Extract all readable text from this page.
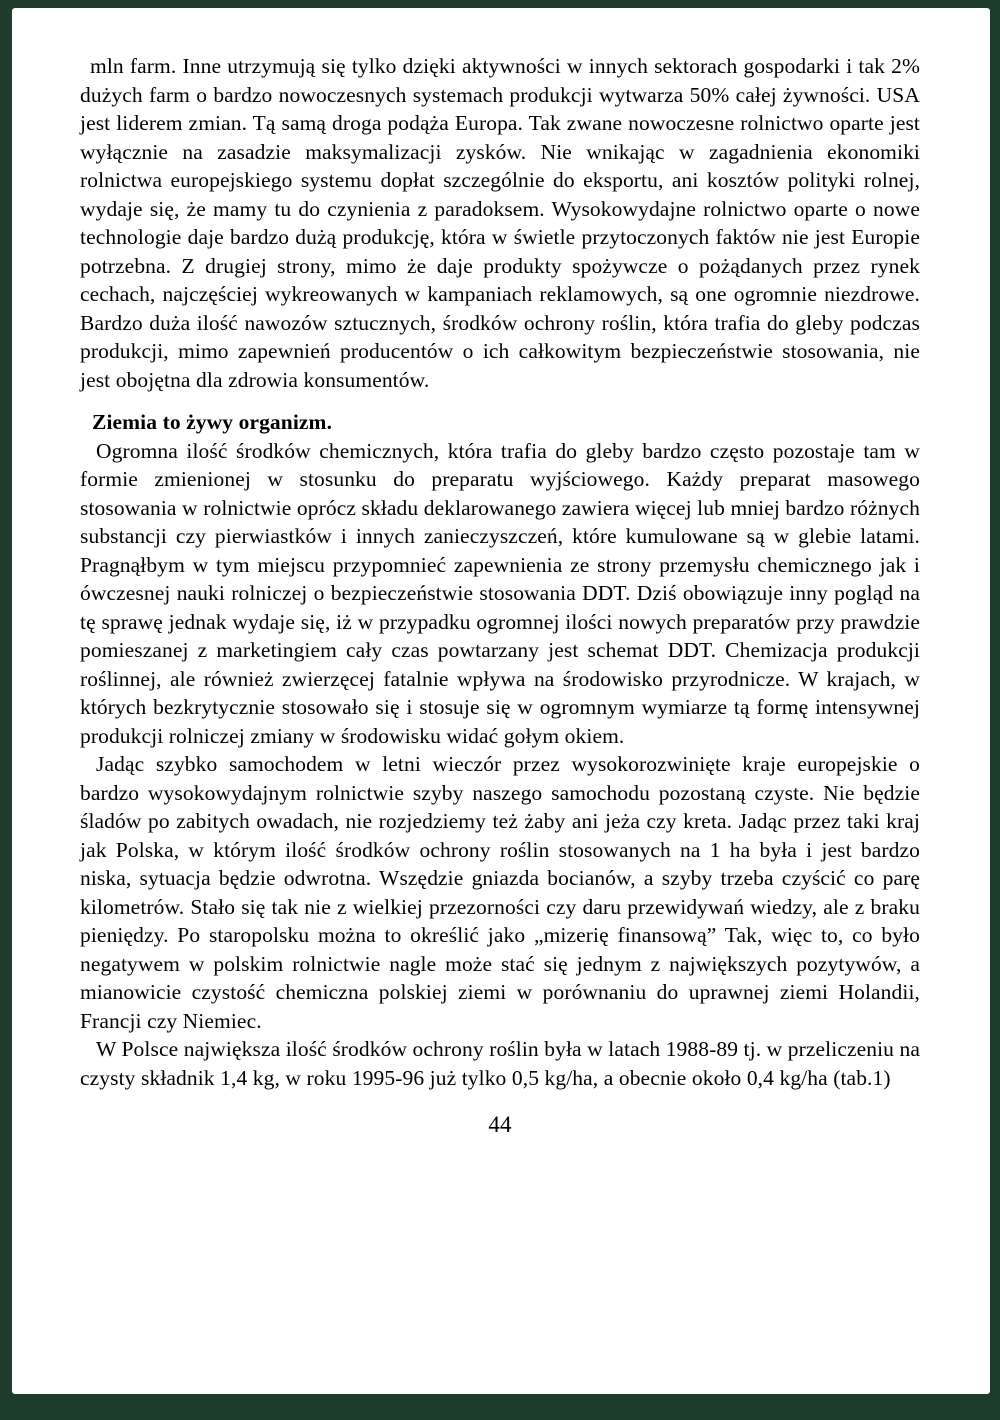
mln farm. Inne utrzymują się tylko dzięki aktywności w innych sektorach gospodarki i tak 2% dużych farm o bardzo nowoczesnych systemach produkcji wytwarza 50% całej żywności. USA jest liderem zmian. Tą samą droga podąża Europa. Tak zwane nowoczesne rolnictwo oparte jest wyłącznie na zasadzie maksymalizacji zysków. Nie wnikając w zagadnienia ekonomiki rolnictwa europejskiego systemu dopłat szczególnie do eksportu, ani kosztów polityki rolnej, wydaje się, że mamy tu do czynienia z paradoksem. Wysokowydajne rolnictwo oparte o nowe technologie daje bardzo dużą produkcję, która w świetle przytoczonych faktów nie jest Europie potrzebna. Z drugiej strony, mimo że daje produkty spożywcze o pożądanych przez rynek cechach, najczęściej wykreowanych w kampaniach reklamowych, są one ogromnie niezdrowe. Bardzo duża ilość nawozów sztucznych, środków ochrony roślin, która trafia do gleby podczas produkcji, mimo zapewnień producentów o ich całkowitym bezpieczeństwie stosowania, nie jest obojętna dla zdrowia konsumentów.

Ziemia to żywy organizm.

Ogromna ilość środków chemicznych, która trafia do gleby bardzo często pozostaje tam w formie zmienionej w stosunku do preparatu wyjściowego. Każdy preparat masowego stosowania w rolnictwie oprócz składu deklarowanego zawiera więcej lub mniej bardzo różnych substancji czy pierwiastków i innych zanieczyszczeń, które kumulowane są w glebie latami. Pragnąłbym w tym miejscu przypomnieć zapewnienia ze strony przemysłu chemicznego jak i ówczesnej nauki rolniczej o bezpieczeństwie stosowania DDT. Dziś obowiązuje inny pogląd na tę sprawę jednak wydaje się, iż w przypadku ogromnej ilości nowych preparatów przy prawdzie pomieszanej z marketingiem cały czas powtarzany jest schemat DDT. Chemizacja produkcji roślinnej, ale również zwierzęcej fatalnie wpływa na środowisko przyrodnicze. W krajach, w których bezkrytycznie stosowało się i stosuje się w ogromnym wymiarze tą formę intensywnej produkcji rolniczej zmiany w środowisku widać gołym okiem.

Jadąc szybko samochodem w letni wieczór przez wysokorozwinięte kraje europejskie o bardzo wysokowydajnym rolnictwie szyby naszego samochodu pozostaną czyste. Nie będzie śladów po zabitych owadach, nie rozjedziemy też żaby ani jeża czy kreta. Jadąc przez taki kraj jak Polska, w którym ilość środków ochrony roślin stosowanych na 1 ha była i jest bardzo niska, sytuacja będzie odwrotna. Wszędzie gniazda bocianów, a szyby trzeba czyścić co parę kilometrów. Stało się tak nie z wielkiej przezorności czy daru przewidywań wiedzy, ale z braku pieniędzy. Po staropolsku można to określić jako „mizerię finansową” Tak, więc to, co było negatywem w polskim rolnictwie nagle może stać się jednym z największych pozytywów, a mianowicie czystość chemiczna polskiej ziemi w porównaniu do uprawnej ziemi Holandii, Francji czy Niemiec.

W Polsce największa ilość środków ochrony roślin była w latach 1988-89 tj. w przeliczeniu na czysty składnik 1,4 kg, w roku 1995-96 już tylko 0,5 kg/ha, a obecnie około 0,4 kg/ha (tab.1)

44
